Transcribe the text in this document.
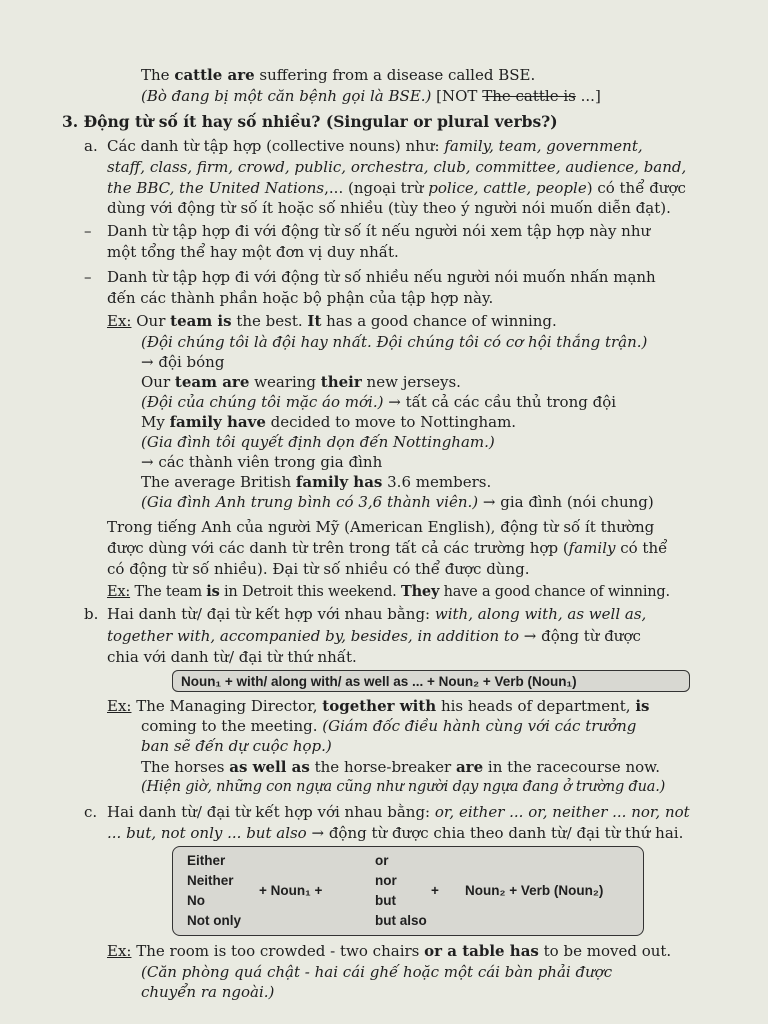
The cattle are suffering from a disease called BSE.
(Bò đang bị một căn bệnh gọi là BSE.) [NOT The cattle is ...]
3. Động từ số ít hay số nhiều? (Singular or plural verbs?)
a. Các danh từ tập hợp (collective nouns) như: family, team, government,
staff, class, firm, crowd, public, orchestra, club, committee, audience, band,
the BBC, the United Nations,... (ngoại trừ police, cattle, people) có thể được
dùng với động từ số ít hoặc số nhiều (tùy theo ý người nói muốn diễn đạt).
– Danh từ tập hợp đi với động từ số ít nếu người nói xem tập hợp này như
một tổng thể hay một đơn vị duy nhất.
– Danh từ tập hợp đi với động từ số nhiều nếu người nói muốn nhấn mạnh
đến các thành phần hoặc bộ phận của tập hợp này.
Ex: Our team is the best. It has a good chance of winning.
(Đội chúng tôi là đội hay nhất. Đội chúng tôi có cơ hội thắng trận.)
→ đội bóng
Our team are wearing their new jerseys.
(Đội của chúng tôi mặc áo mới.) → tất cả các cầu thủ trong đội
My family have decided to move to Nottingham.
(Gia đình tôi quyết định dọn đến Nottingham.)
→ các thành viên trong gia đình
The average British family has 3.6 members.
(Gia đình Anh trung bình có 3,6 thành viên.) → gia đình (nói chung)
Trong tiếng Anh của người Mỹ (American English), động từ số ít thường
được dùng với các danh từ trên trong tất cả các trường hợp (family có thể
có động từ số nhiều). Đại từ số nhiều có thể được dùng.
Ex: The team is in Detroit this weekend. They have a good chance of winning.
b. Hai danh từ/ đại từ kết hợp với nhau bằng: with, along with, as well as,
together with, accompanied by, besides, in addition to → động từ được
chia với danh từ/ đại từ thứ nhất.
Noun₁ + with/ along with/ as well as ... + Noun₂ + Verb (Noun₁)
Ex: The Managing Director, together with his heads of department, is
coming to the meeting. (Giám đốc điều hành cùng với các trưởng
ban sẽ đến dự cuộc họp.)
The horses as well as the horse-breaker are in the racecourse now.
(Hiện giờ, những con ngựa cũng như người dạy ngựa đang ở trường đua.)
c. Hai danh từ/ đại từ kết hợp với nhau bằng: or, either ... or, neither ... nor, not
... but, not only ... but also → động từ được chia theo danh từ/ đại từ thứ hai.
Either
Neither
No
Not only
+ Noun₁ +
or
nor
but
but also
+ Noun₂ + Verb (Noun₂)
Ex: The room is too crowded - two chairs or a table has to be moved out.
(Căn phòng quá chật - hai cái ghế hoặc một cái bàn phải được
chuyển ra ngoài.)
